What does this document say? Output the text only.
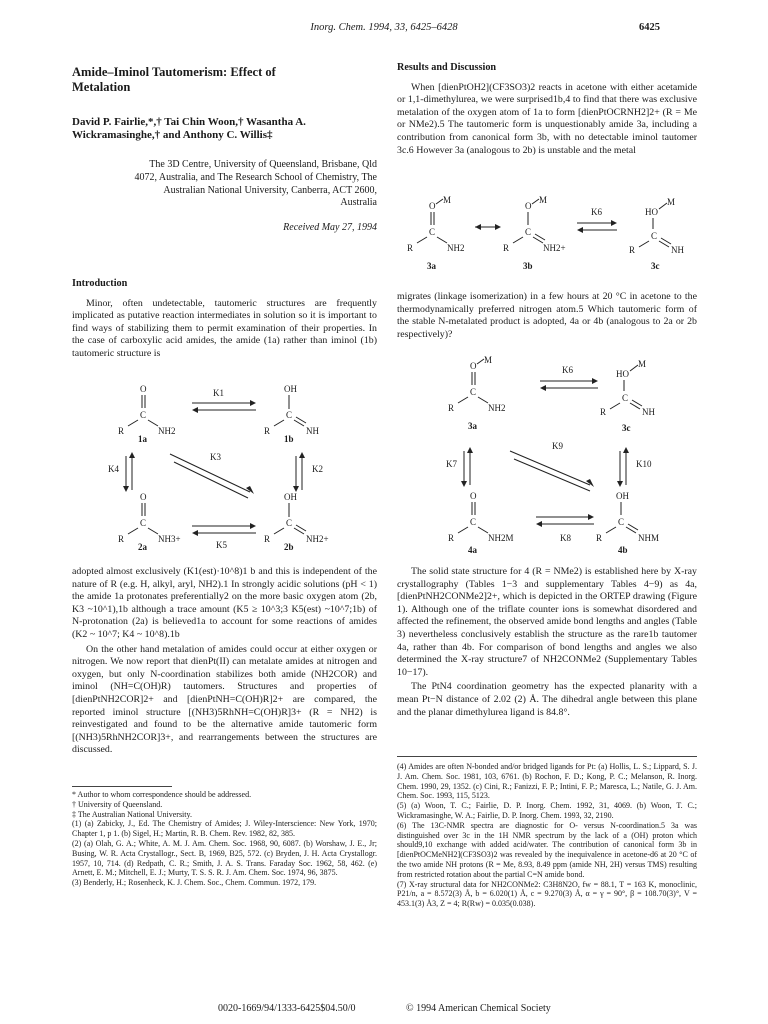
Inorg. Chem. 1994, 33, 6425–6428	6425
Amide–Iminol Tautomerism: Effect of Metalation
David P. Fairlie,*,† Tai Chin Woon,† Wasantha A. Wickramasinghe,† and Anthony C. Willis‡
The 3D Centre, University of Queensland, Brisbane, Qld 4072, Australia, and The Research School of Chemistry, The Australian National University, Canberra, ACT 2600, Australia
Received May 27, 1994
Introduction

Minor, often undetectable, tautomeric structures are frequently implicated as putative reaction intermediates in solution so it is important to find ways of stabilizing them to permit examination of their properties. In the case of carboxylic acid amides, the amide (1a) rather than iminol (1b) tautomeric structure is

O
C
R	NH2
1a
OH
C
R	NH
1b
K1
K4	K2
K3
O
C
R	NH3+
2a
OH
C
R	NH2+
2b
K5

adopted almost exclusively (K1(est)·10^8)1 b and this is independent of the nature of R (e.g. H, alkyl, aryl, NH2).1 In strongly acidic solutions (pH < 1) the amide 1a protonates preferentially2 on the more basic oxygen atom (2b, K3 ~10^1),1b although a trace amount (K5 ≥ 10^3;3 K5(est) ~10^7;1b) of N-protonation (2a) is believed1a to account for some reactions of amides (K2 ~ 10^7; K4 ~ 10^8).1b

On the other hand metalation of amides could occur at either oxygen or nitrogen. We now report that dienPt(II) can metalate amides at nitrogen and oxygen, but only N-coordination stabilizes both amide (NH2COR) and iminol (NH=C(OH)R) tautomers. Structures and properties of [dienPtNH2COR]2+ and [dienPtNH=C(OH)R]2+ are compared, the reported iminol structure [(NH3)5RhNH=C(OH)R]3+ (R = NH2) is reinvestigated and found to be the alternative amide tautomeric form [(NH3)5RhNH2COR]3+, and rearrangements between the structures are discussed.

* Author to whom correspondence should be addressed.
† University of Queensland.
‡ The Australian National University.
(1) (a) Zabicky, J., Ed. The Chemistry of Amides; J. Wiley-Interscience: New York, 1970; Chapter 1, p 1. (b) Sigel, H.; Martin, R. B. Chem. Rev. 1982, 82, 385.
(2) (a) Olah, G. A.; White, A. M. J. Am. Chem. Soc. 1968, 90, 6087. (b) Worshaw, J. E., Jr; Busing, W. R. Acta Crystallogr., Sect. B, 1969, B25, 572. (c) Bryden, J. H. Acta Crystallogr. 1957, 10, 714. (d) Redpath, C. R.; Smith, J. A. S. Trans. Faraday Soc. 1962, 58, 462. (e) Arnett, E. M.; Mitchell, E. J.; Murty, T. S. S. R. J. Am. Chem. Soc. 1974, 96, 3875.
(3) Benderly, H.; Rosenheck, K. J. Chem. Soc., Chem. Commun. 1972, 179.
Results and Discussion

When [dienPtOH2](CF3SO3)2 reacts in acetone with either acetamide or 1,1-dimethylurea, we were surprised1b,4 to find that there was exclusive metalation of the oxygen atom of 1a to form [dienPtOCRNH2]2+ (R = Me or NMe2).5 The tautomeric form is unquestionably amide 3a, including a contribution from canonical form 3b, with no detectable iminol tautomer 3c.6 However 3a (analogous to 2b) is unstable and the metal

O
M
C
R	NH2
3a
O
M
C
R	NH2+
3b
K6	HO
M
C
R	NH
3c

migrates (linkage isomerization) in a few hours at 20 °C in acetone to the thermodynamically preferred nitrogen atom.5 Which tautomeric form of the stable N-metalated product is adopted, 4a or 4b (analogous to 2a or 2b respectively)?

O
M
C
R	NH2
3a
K6	HO
M
C
R	NH
3c
K7
K9
K10
O
C
R	NH2M
4a
K8
OH
C
R	NHM
4b

The solid state structure for 4 (R = NMe2) is established here by X-ray crystallography (Tables 1−3 and supplementary Tables 4−9) as 4a, [dienPtNH2CONMe2]2+, which is depicted in the ORTEP drawing (Figure 1). Although one of the triflate counter ions is somewhat disordered and affected the refinement, the observed amide bond lengths and angles (Table 3) nevertheless conclusively establish the structure as the rare1b tautomer 4a, rather than 4b. For comparison of bond lengths and angles we also determined the X-ray structure7 of NH2CONMe2 (Supplementary Tables 10−17).

The PtN4 coordination geometry has the expected planarity with a mean Pt−N distance of 2.02 (2) Å. The dihedral angle between this plane and the planar dimethylurea ligand is 84.8°.

(4) Amides are often N-bonded and/or bridged ligands for Pt: (a) Hollis, L. S.; Lippard, S. J. J. Am. Chem. Soc. 1981, 103, 6761. (b) Rochon, F. D.; Kong, P. C.; Melanson, R. Inorg. Chem. 1990, 29, 1352. (c) Cini, R.; Fanizzi, F. P.; Intini, F. P.; Maresca, L.; Natile, G. J. Am. Chem. Soc. 1993, 115, 5123.
(5) (a) Woon, T. C.; Fairlie, D. P. Inorg. Chem. 1992, 31, 4069. (b) Woon, T. C.; Wickramasinghe, W. A.; Fairlie, D. P. Inorg. Chem. 1993, 32, 2190.
(6) The 13C-NMR spectra are diagnostic for O- versus N-coordination.5 3a was distinguished over 3c in the 1H NMR spectrum by the lack of a (OH) proton which should9,10 exchange with added acid/water. The contribution of canonical form 3b in [dienPtOCMeNH2](CF3SO3)2 was revealed by the inequivalence in acetone-d6 at 20 °C of the two amide NH protons (R = Me, 8.93, 8.49 ppm (amide NH, 2H) versus TMS) resulting from restricted rotation about the partial C=N amide bond.
(7) X-ray structural data for NH2CONMe2: C3H8N2O, fw = 88.1, T = 163 K, monoclinic, P21/n, a = 8.572(3) Å, b = 6.020(1) Å, c = 9.270(3) Å, α = γ = 90°, β = 108.70(3)°, V = 453.1(3) Å3, Z = 4; R(Rw) = 0.035(0.038).
0020-1669/94/1333-6425$04.50/0	© 1994 American Chemical Society
